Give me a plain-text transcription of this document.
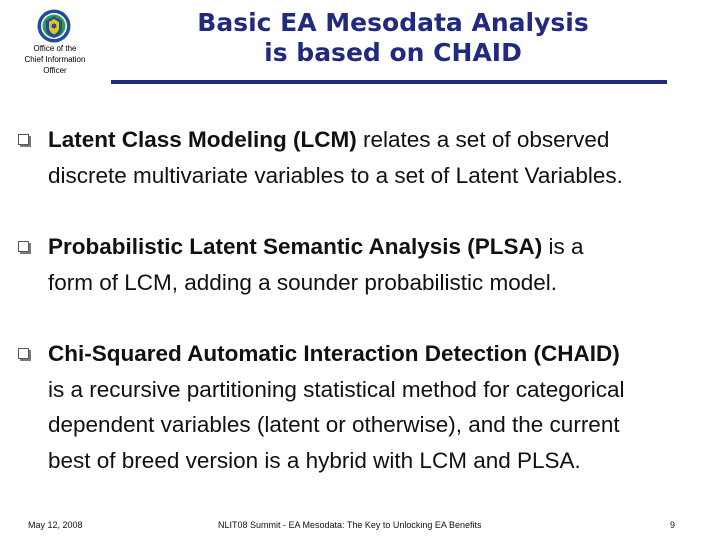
Office of the
Chief Information
Officer
Basic EA Mesodata Analysis
is based on CHAID
Latent Class Modeling (LCM) relates a set of observed
discrete multivariate variables to a set of Latent Variables.
Probabilistic Latent Semantic Analysis (PLSA) is a
form of LCM, adding a sounder probabilistic model.
Chi-Squared Automatic Interaction Detection (CHAID)
is a recursive partitioning statistical method for categorical
dependent variables (latent or otherwise), and the current
best of breed version is a hybrid with LCM and PLSA.
May 12, 2008	NLIT08 Summit - EA Mesodata: The Key to Unlocking EA Benefits	9
